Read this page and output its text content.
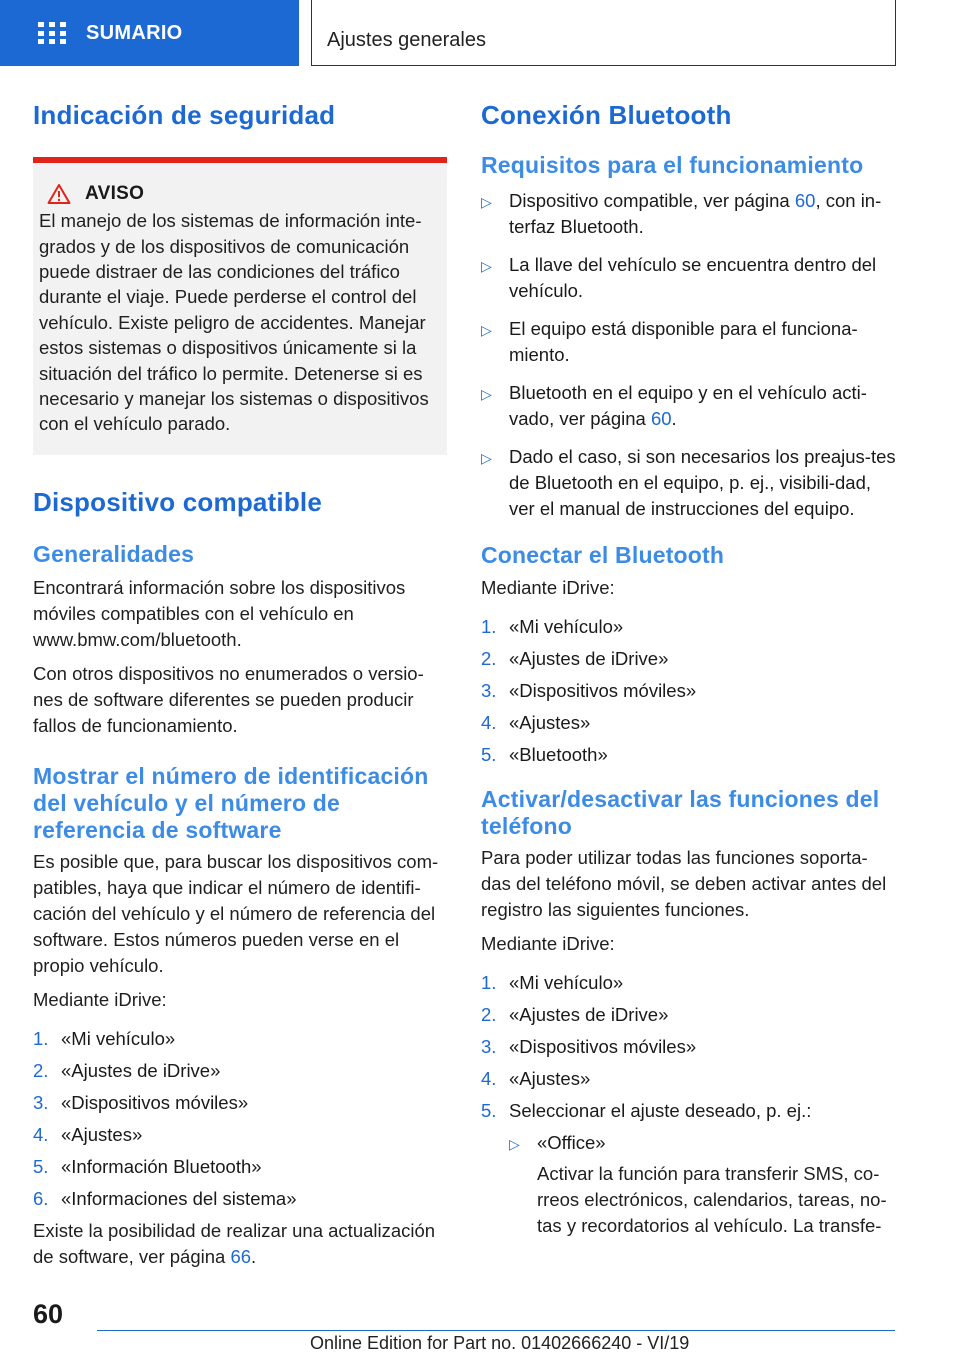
SUMARIO	Ajustes generales
Indicación de seguridad
AVISO

El manejo de los sistemas de información inte-grados y de los dispositivos de comunicación puede distraer de las condiciones del tráfico durante el viaje. Puede perderse el control del vehículo. Existe peligro de accidentes. Manejar estos sistemas o dispositivos únicamente si la situación del tráfico lo permite. Detenerse si es necesario y manejar los sistemas o dispositivos con el vehículo parado.

Dispositivo compatible
Generalidades

Encontrará información sobre los dispositivos móviles compatibles con el vehículo en www.bmw.com/bluetooth.

Con otros dispositivos no enumerados o versio-nes de software diferentes se pueden producir fallos de funcionamiento.

Mostrar el número de identificación del vehículo y el número de referencia de software

Es posible que, para buscar los dispositivos com-patibles, haya que indicar el número de identifi-cación del vehículo y el número de referencia del software. Estos números pueden verse en el propio vehículo.

Mediante iDrive:

1. «Mi vehículo»
2. «Ajustes de iDrive»
3. «Dispositivos móviles»
4. «Ajustes»
5. «Información Bluetooth»
6. «Informaciones del sistema»

Existe la posibilidad de realizar una actualización de software, ver página 66.

Conexión Bluetooth
Requisitos para el funcionamiento
▷ Dispositivo compatible, ver página 60, con in-terfaz Bluetooth.
▷ La llave del vehículo se encuentra dentro del vehículo.
▷ El equipo está disponible para el funciona-miento.
▷ Bluetooth en el equipo y en el vehículo acti-vado, ver página 60.
▷ Dado el caso, si son necesarios los preajus-tes de Bluetooth en el equipo, p. ej., visibili-dad, ver el manual de instrucciones del equipo.
Conectar el Bluetooth

Mediante iDrive:

1. «Mi vehículo»
2. «Ajustes de iDrive»
3. «Dispositivos móviles»
4. «Ajustes»
5. «Bluetooth»
Activar/desactivar las funciones del teléfono

Para poder utilizar todas las funciones soporta-das del teléfono móvil, se deben activar antes del registro las siguientes funciones.

Mediante iDrive:

1. «Mi vehículo»
2. «Ajustes de iDrive»
3. «Dispositivos móviles»
4. «Ajustes»
5. Seleccionar el ajuste deseado, p. ej.:
▷ «Office»

Activar la función para transferir SMS, co-rreos electrónicos, calendarios, tareas, no-tas y recordatorios al vehículo. La transfe-

60
Online Edition for Part no. 01402666240 - VI/19
